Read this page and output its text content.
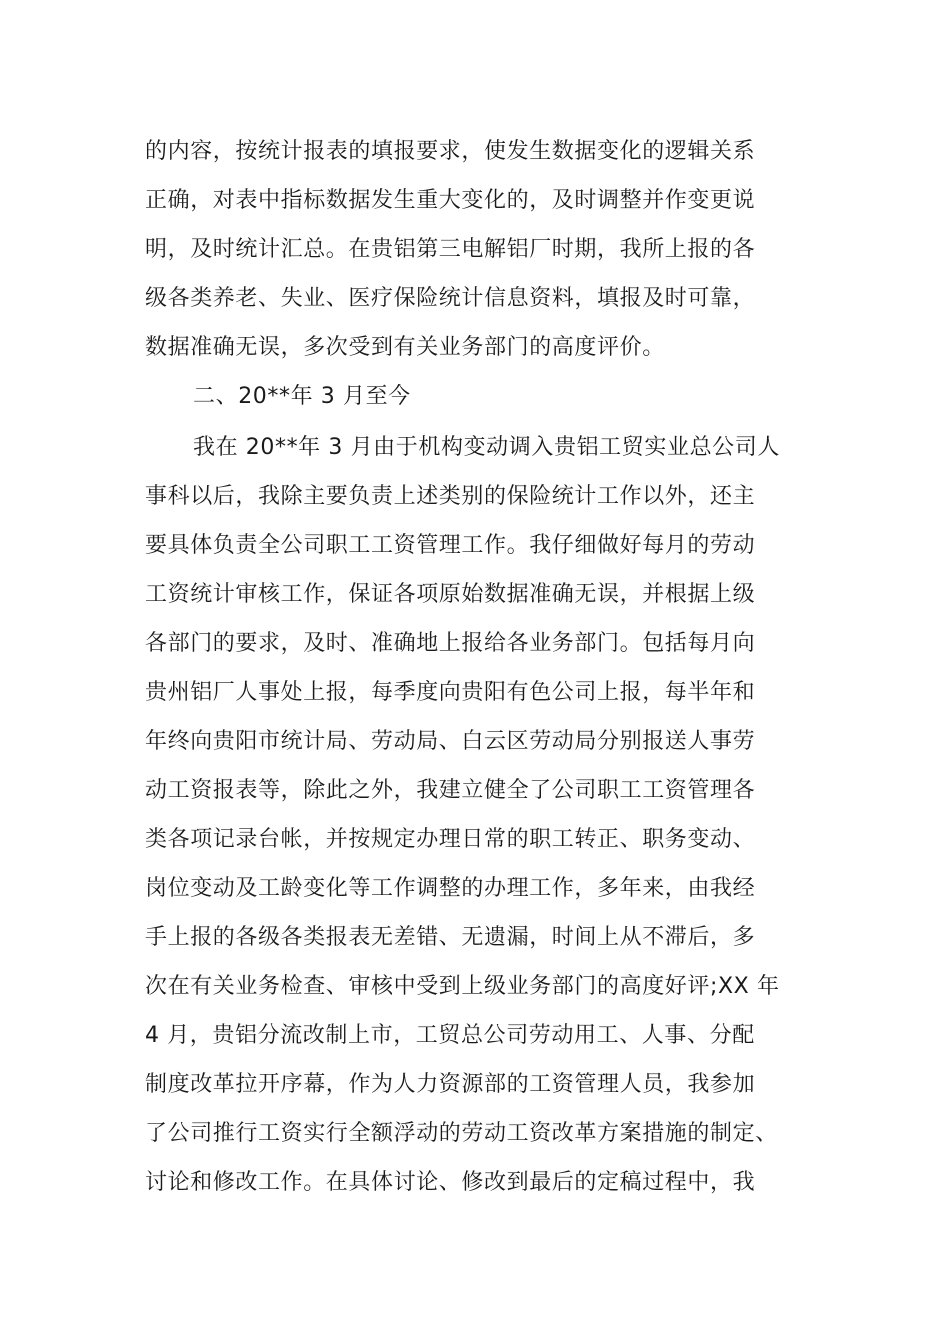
的内容，按统计报表的填报要求，使发生数据变化的逻辑关系
正确，对表中指标数据发生重大变化的，及时调整并作变更说
明，及时统计汇总。在贵铝第三电解铝厂时期，我所上报的各
级各类养老、失业、医疗保险统计信息资料，填报及时可靠，
数据准确无误，多次受到有关业务部门的高度评价。
二、20**年 3 月至今
我在 20**年 3 月由于机构变动调入贵铝工贸实业总公司人
事科以后，我除主要负责上述类别的保险统计工作以外，还主
要具体负责全公司职工工资管理工作。我仔细做好每月的劳动
工资统计审核工作，保证各项原始数据准确无误，并根据上级
各部门的要求，及时、准确地上报给各业务部门。包括每月向
贵州铝厂人事处上报，每季度向贵阳有色公司上报，每半年和
年终向贵阳市统计局、劳动局、白云区劳动局分别报送人事劳
动工资报表等，除此之外，我建立健全了公司职工工资管理各
类各项记录台帐，并按规定办理日常的职工转正、职务变动、
岗位变动及工龄变化等工作调整的办理工作，多年来，由我经
手上报的各级各类报表无差错、无遗漏，时间上从不滞后，多
次在有关业务检查、审核中受到上级业务部门的高度好评;XX 年
4 月，贵铝分流改制上市，工贸总公司劳动用工、人事、分配
制度改革拉开序幕，作为人力资源部的工资管理人员，我参加
了公司推行工资实行全额浮动的劳动工资改革方案措施的制定、
讨论和修改工作。在具体讨论、修改到最后的定稿过程中，我
